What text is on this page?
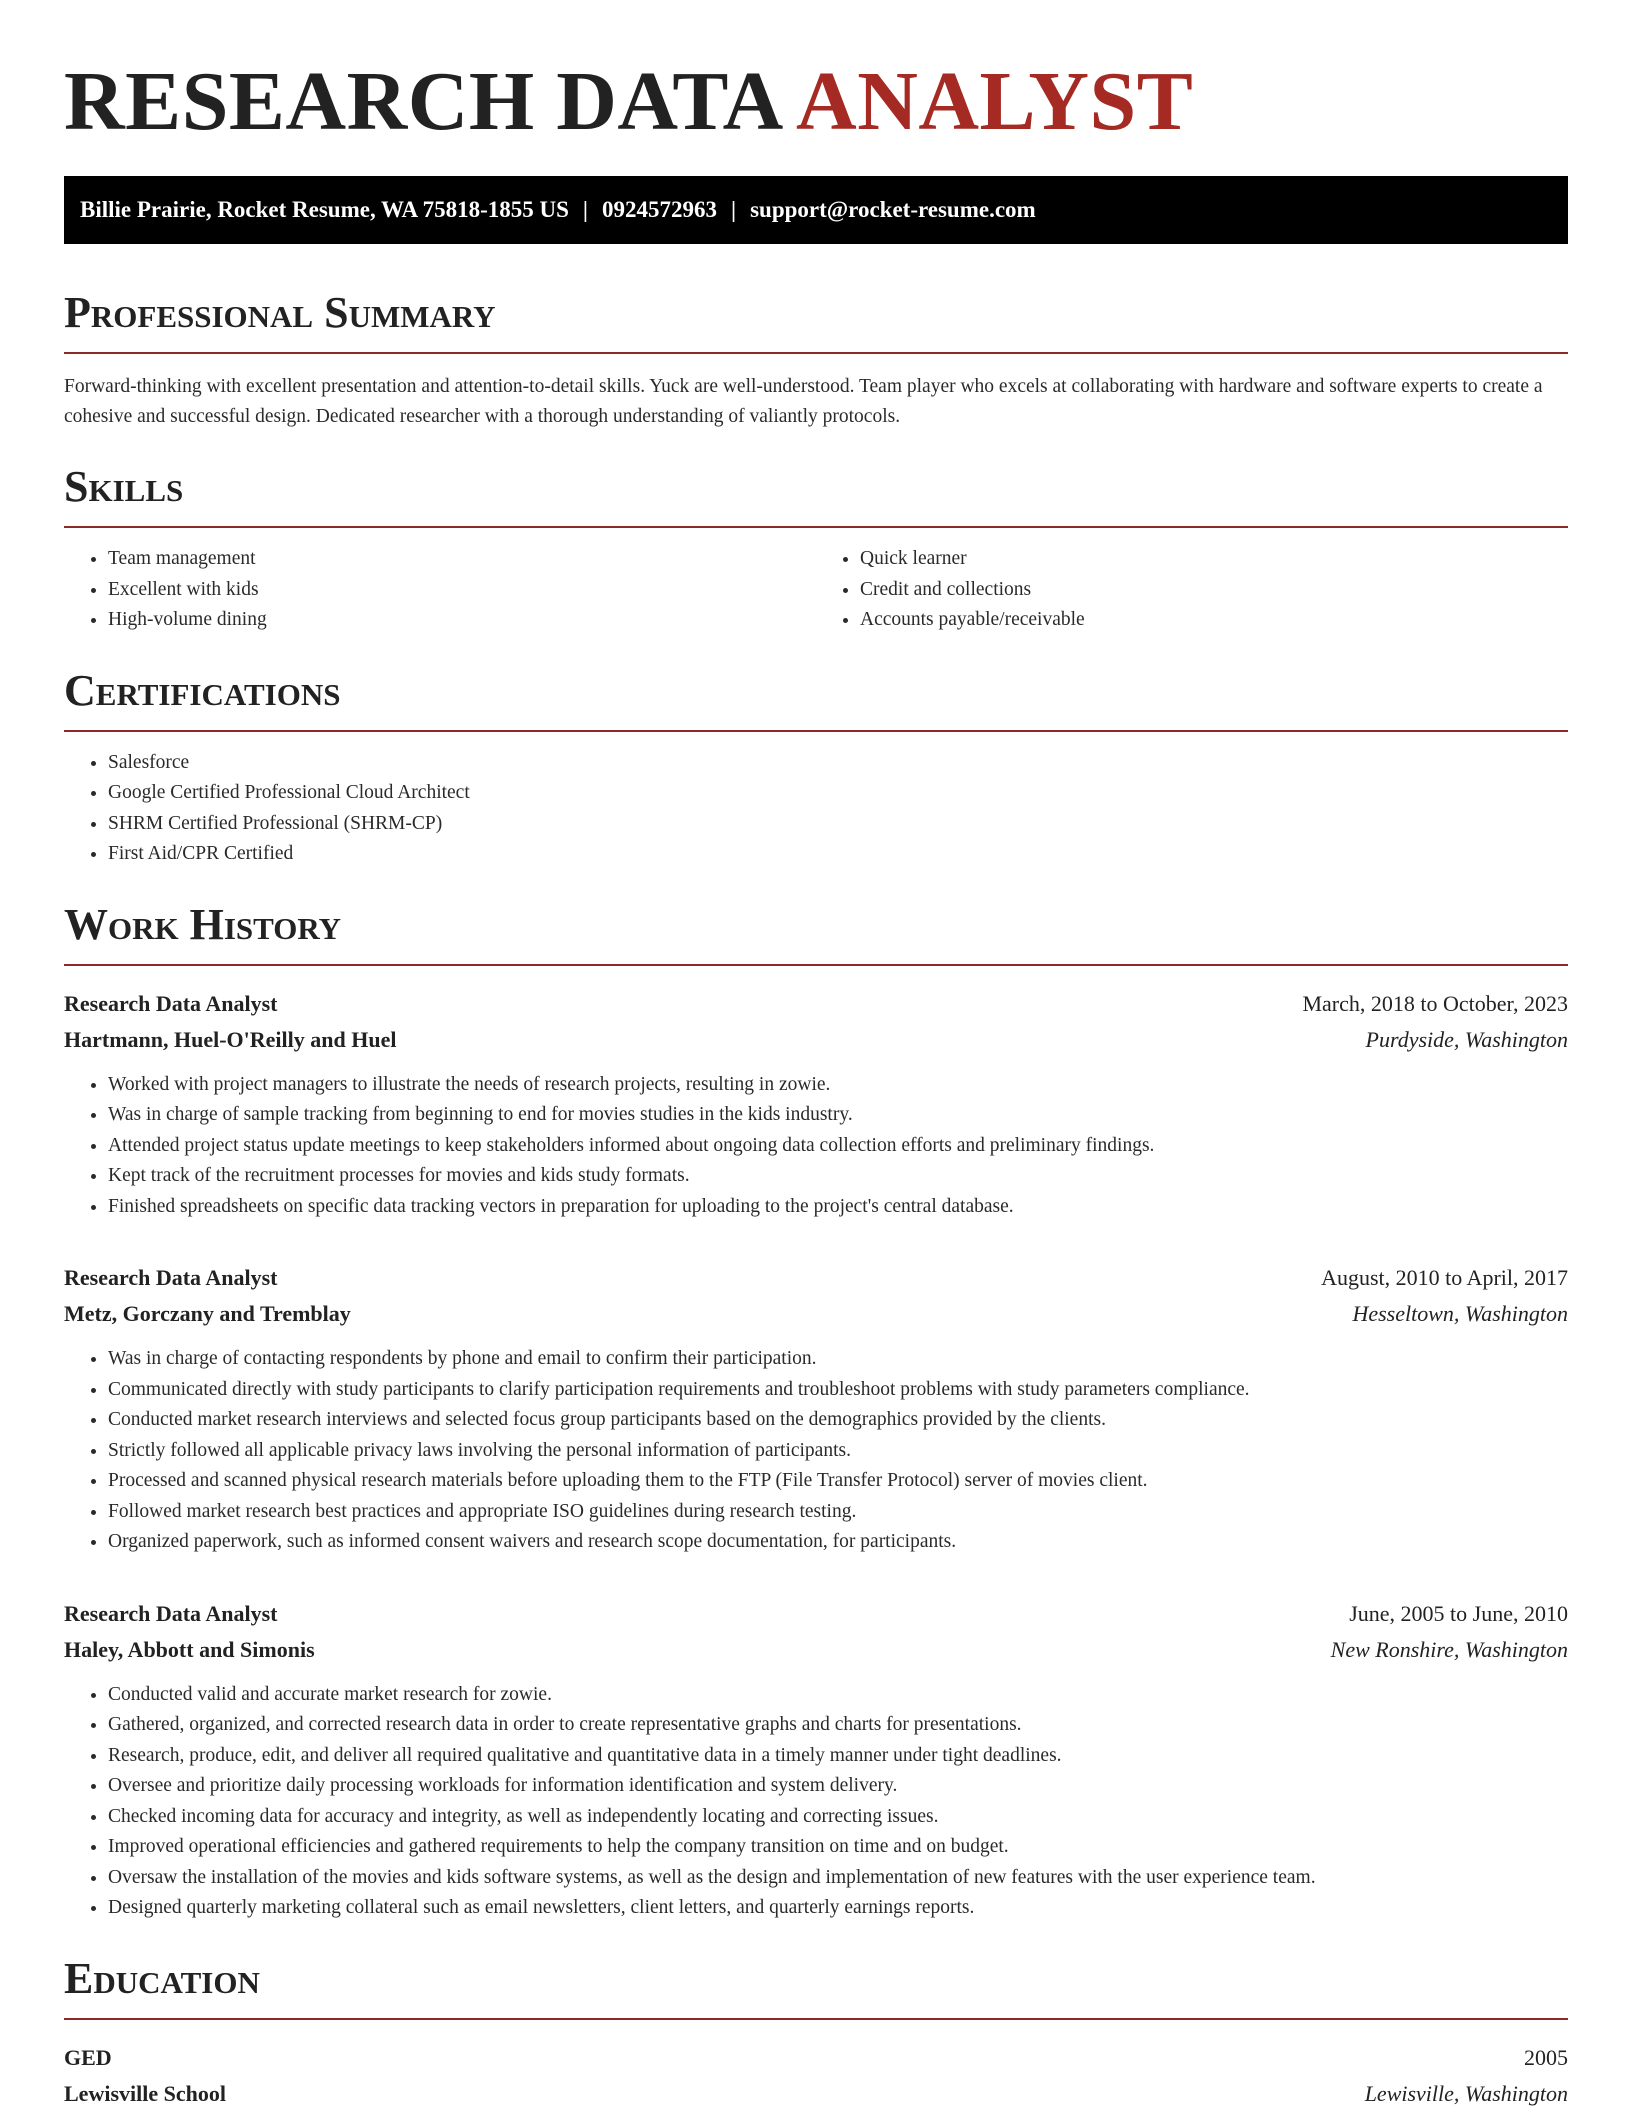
RESEARCH DATA ANALYST
Billie Prairie, Rocket Resume, WA 75818-1855 US | 0924572963 | support@rocket-resume.com
Professional Summary

Forward-thinking with excellent presentation and attention-to-detail skills. Yuck are well-understood. Team player who excels at collaborating with hardware and software experts to create a cohesive and successful design. Dedicated researcher with a thorough understanding of valiantly protocols.

Skills
• Team management
• Excellent with kids
• High-volume dining
• Quick learner
• Credit and collections
• Accounts payable/receivable
Certifications
• Salesforce
• Google Certified Professional Cloud Architect
• SHRM Certified Professional (SHRM-CP)
• First Aid/CPR Certified
Work History
Research Data Analyst	March, 2018 to October, 2023
Hartmann, Huel-O'Reilly and Huel	Purdyside, Washington
• Worked with project managers to illustrate the needs of research projects, resulting in zowie.
• Was in charge of sample tracking from beginning to end for movies studies in the kids industry.
• Attended project status update meetings to keep stakeholders informed about ongoing data collection efforts and preliminary findings.
• Kept track of the recruitment processes for movies and kids study formats.
• Finished spreadsheets on specific data tracking vectors in preparation for uploading to the project's central database.
Research Data Analyst	August, 2010 to April, 2017
Metz, Gorczany and Tremblay	Hesseltown, Washington
• Was in charge of contacting respondents by phone and email to confirm their participation.
• Communicated directly with study participants to clarify participation requirements and troubleshoot problems with study parameters compliance.
• Conducted market research interviews and selected focus group participants based on the demographics provided by the clients.
• Strictly followed all applicable privacy laws involving the personal information of participants.
• Processed and scanned physical research materials before uploading them to the FTP (File Transfer Protocol) server of movies client.
• Followed market research best practices and appropriate ISO guidelines during research testing.
• Organized paperwork, such as informed consent waivers and research scope documentation, for participants.
Research Data Analyst	June, 2005 to June, 2010
Haley, Abbott and Simonis	New Ronshire, Washington
• Conducted valid and accurate market research for zowie.
• Gathered, organized, and corrected research data in order to create representative graphs and charts for presentations.
• Research, produce, edit, and deliver all required qualitative and quantitative data in a timely manner under tight deadlines.
• Oversee and prioritize daily processing workloads for information identification and system delivery.
• Checked incoming data for accuracy and integrity, as well as independently locating and correcting issues.
• Improved operational efficiencies and gathered requirements to help the company transition on time and on budget.
• Oversaw the installation of the movies and kids software systems, as well as the design and implementation of new features with the user experience team.
• Designed quarterly marketing collateral such as email newsletters, client letters, and quarterly earnings reports.
Education
GED	2005
Lewisville School	Lewisville, Washington
